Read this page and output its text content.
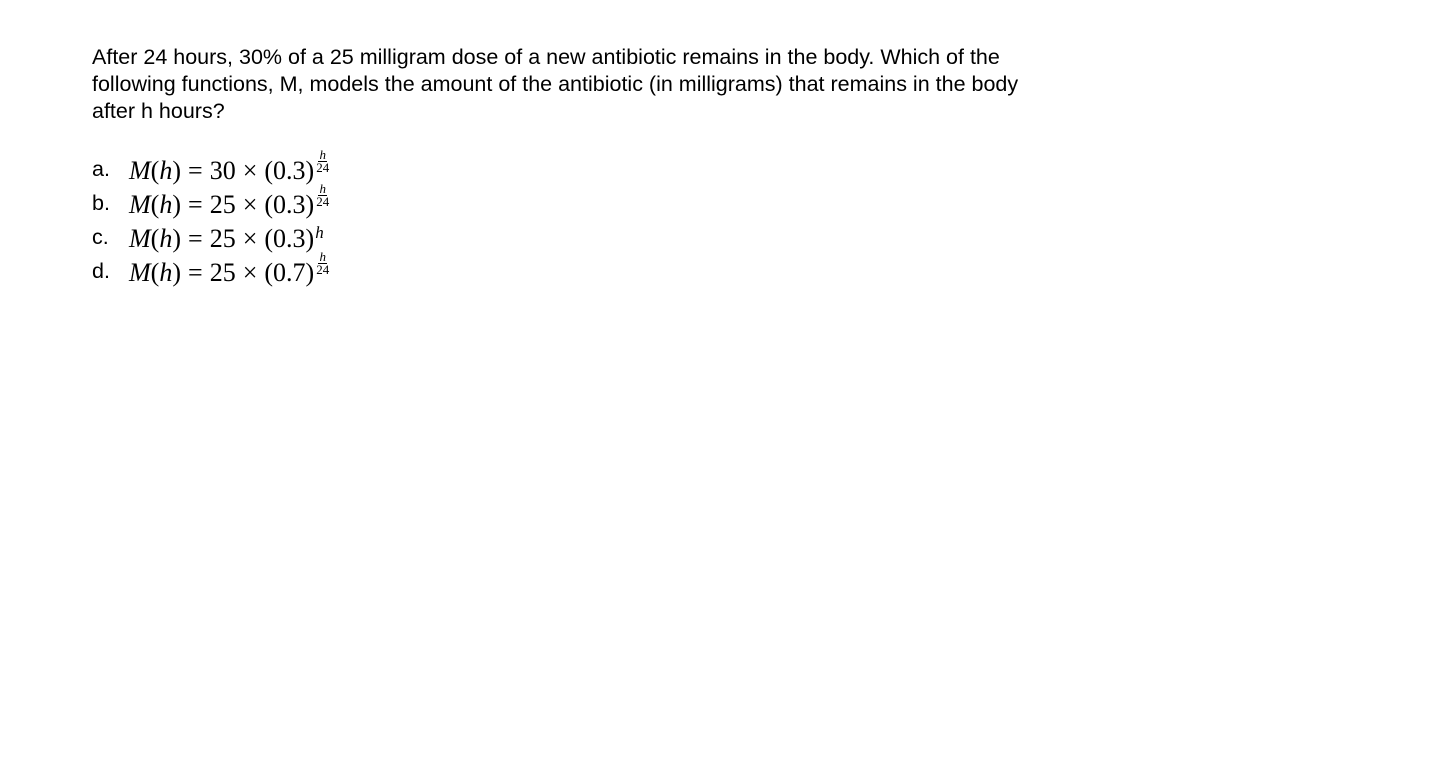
After 24 hours, 30% of a 25 milligram dose of a new antibiotic remains in the body. Which of the following functions, M, models the amount of the antibiotic (in milligrams) that remains in the body after h hours?
a. M ( h ) = $30 \times (0.3) \frac{h}{24}$
b. M ( h ) = $25 \times (0.3) \frac{h}{24}$
c. M ( h ) = 25 × (0.3) h
d. M ( h ) = $25 \times (0.7) \frac{h}{24}$
